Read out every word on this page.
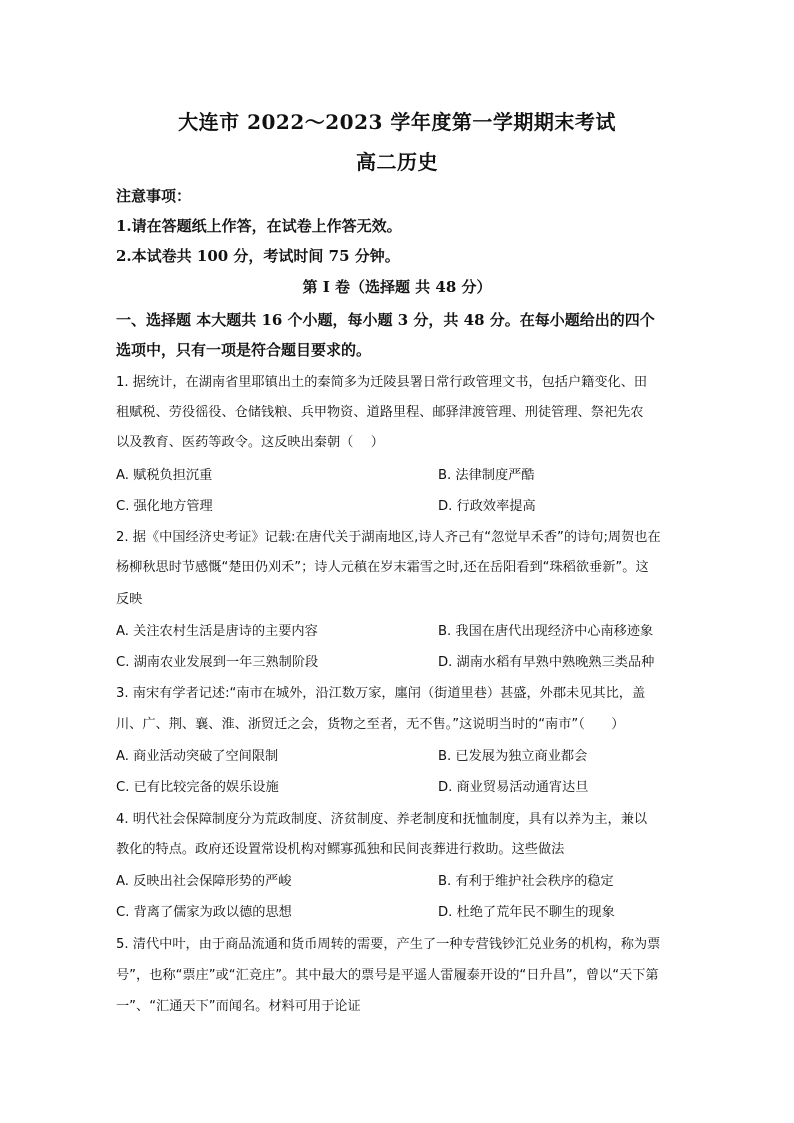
大连市 2022～2023 学年度第一学期期末考试
高二历史
注意事项：
1.请在答题纸上作答，在试卷上作答无效。
2.本试卷共 100 分，考试时间 75 分钟。
第 I 卷（选择题 共 48 分）
一、选择题 本大题共 16 个小题，每小题 3 分，共 48 分。在每小题给出的四个
选项中，只有一项是符合题目要求的。
1. 据统计，在湖南省里耶镇出土的秦简多为迁陵县署日常行政管理文书，包括户籍变化、田
租赋税、劳役徭役、仓储钱粮、兵甲物资、道路里程、邮驿津渡管理、刑徒管理、祭祀先农
以及教育、医药等政令。这反映出秦朝（　 ）
A. 赋税负担沉重	B. 法律制度严酷
C. 强化地方管理	D. 行政效率提高
2. 据《中国经济史考证》记载:在唐代关于湖南地区,诗人齐己有“忽觉早禾香”的诗句;周贺也在
杨柳秋思时节感慨“楚田仍刈禾”；诗人元稹在岁末霜雪之时,还在岳阳看到“珠稻欲垂新”。这
反映
A. 关注农村生活是唐诗的主要内容	B. 我国在唐代出现经济中心南移迹象
C. 湖南农业发展到一年三熟制阶段	D. 湖南水稻有早熟中熟晚熟三类品种
3. 南宋有学者记述:“南市在城外，沿江数万家，廛闬（街道里巷）甚盛，外郡未见其比，盖
川、广、荆、襄、淮、浙贸迁之会，货物之至者，无不售。”这说明当时的“南市”（　　）
A. 商业活动突破了空间限制	B. 已发展为独立商业都会
C. 已有比较完备的娱乐设施	D. 商业贸易活动通宵达旦
4. 明代社会保障制度分为荒政制度、济贫制度、养老制度和抚恤制度，具有以养为主，兼以
教化的特点。政府还设置常设机构对鳏寡孤独和民间丧葬进行救助。这些做法
A. 反映出社会保障形势的严峻	B. 有利于维护社会秩序的稳定
C. 背离了儒家为政以德的思想	D. 杜绝了荒年民不聊生的现象
5. 清代中叶，由于商品流通和货币周转的需要，产生了一种专营钱钞汇兑业务的机构，称为票
号”，也称“票庄”或“汇竞庄”。其中最大的票号是平遥人雷履泰开设的“日升昌”，曾以“天下第
一”、“汇通天下”而闻名。材料可用于论证
